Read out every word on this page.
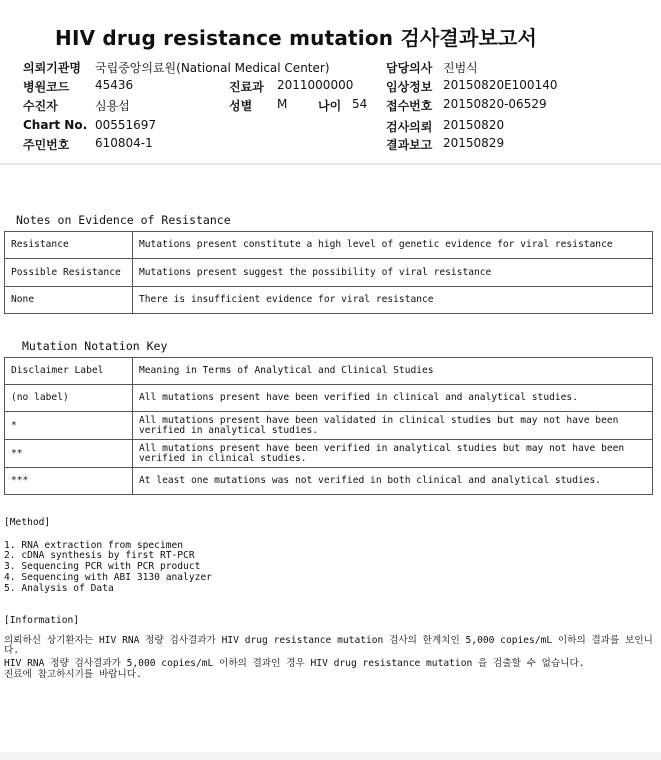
HIV drug resistance mutation 검사결과보고서
의뢰기관명 국립중앙의료원(National Medical Center)
병원코드 45436	진료과 2011000000
수진자	심용섭	성별 M	나이 54
Chart No. 00551697
주민번호 610804-1
담당의사 진범식
임상정보 20150820E100140
접수번호 20150820-06529
검사의뢰 20150820
결과보고 20150829
Notes on Evidence of Resistance
Resistance	Mutations present constitute a high level of genetic evidence for viral resistance
Possible Resistance	Mutations present suggest the possibility of viral resistance
None	There is insufficient evidence for viral resistance
Mutation Notation Key
Disclaimer Label	Meaning in Terms of Analytical and Clinical Studies
(no label)	All mutations present have been verified in clinical and analytical studies.
*	All mutations present have been validated in clinical studies but may not have been verified in analytical studies.
**	All mutations present have been verified in analytical studies but may not have been verified in clinical studies.
***	At least one mutations was not verified in both clinical and analytical studies.
[Method]
1. RNA extraction from specimen
2. cDNA synthesis by first RT-PCR
3. Sequencing PCR with PCR product
4. Sequencing with ABI 3130 analyzer
5. Analysis of Data
[Information]
의뢰하신 상기환자는 HIV RNA 정량 검사결과가 HIV drug resistance mutation 검사의 한계치인 5,000 copies/mL 이하의 결과를 보인니다.
HIV RNA 정량 검사결과가 5,000 copies/mL 이하의 결과인 경우 HIV drug resistance mutation 을 검출할 수 없습니다.
진료에 참고하시기를 바랍니다.
